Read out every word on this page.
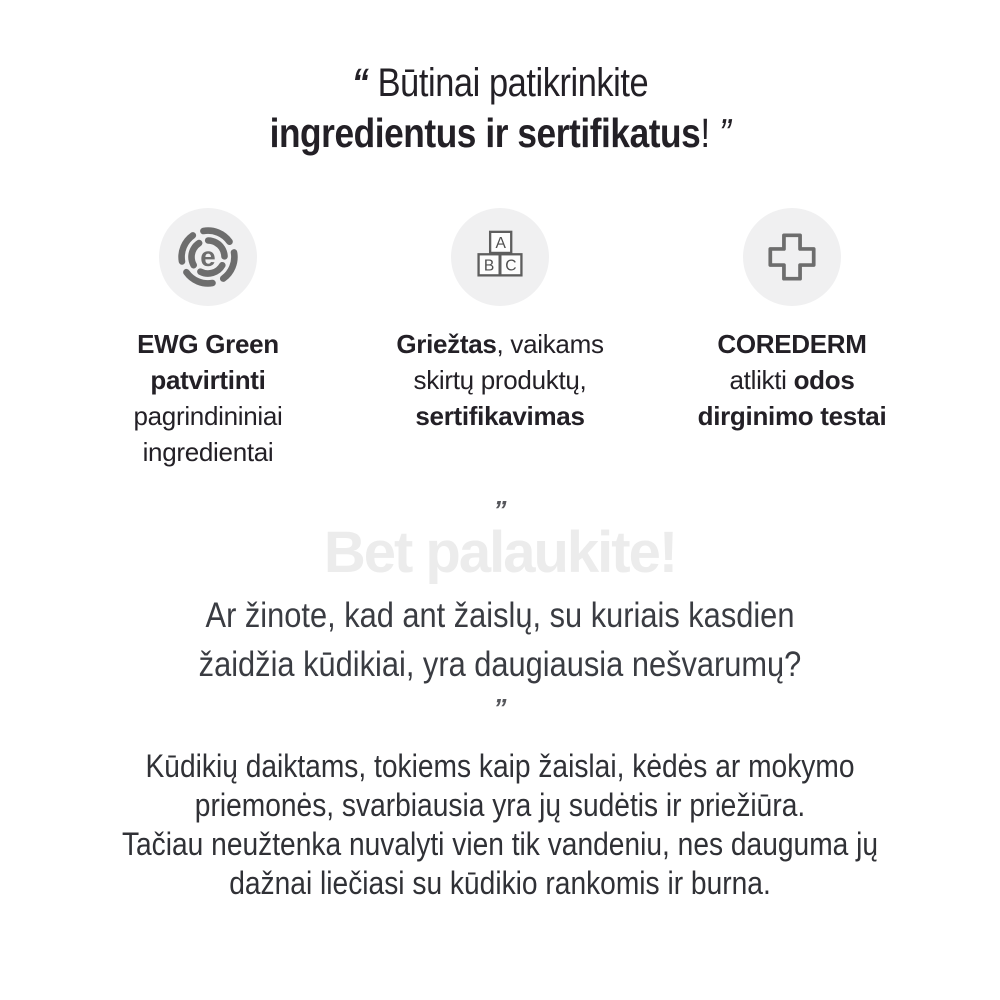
“ Būtinai patikrinkite
ingredientus ir sertifikatus! ”
e
EWG Green
patvirtinti
pagrindininiai
ingredientai
A
B C
Griežtas, vaikams
skirtų produktų,
sertifikavimas
COREDERM
atlikti odos
dirginimo testai
”
Bet palaukite!
Ar žinote, kad ant žaislų, su kuriais kasdien
žaidžia kūdikiai, yra daugiausia nešvarumų?
”
Kūdikių daiktams, tokiems kaip žaislai, kėdės ar mokymo
priemonės, svarbiausia yra jų sudėtis ir priežiūra.
Tačiau neužtenka nuvalyti vien tik vandeniu, nes dauguma jų
dažnai liečiasi su kūdikio rankomis ir burna.
